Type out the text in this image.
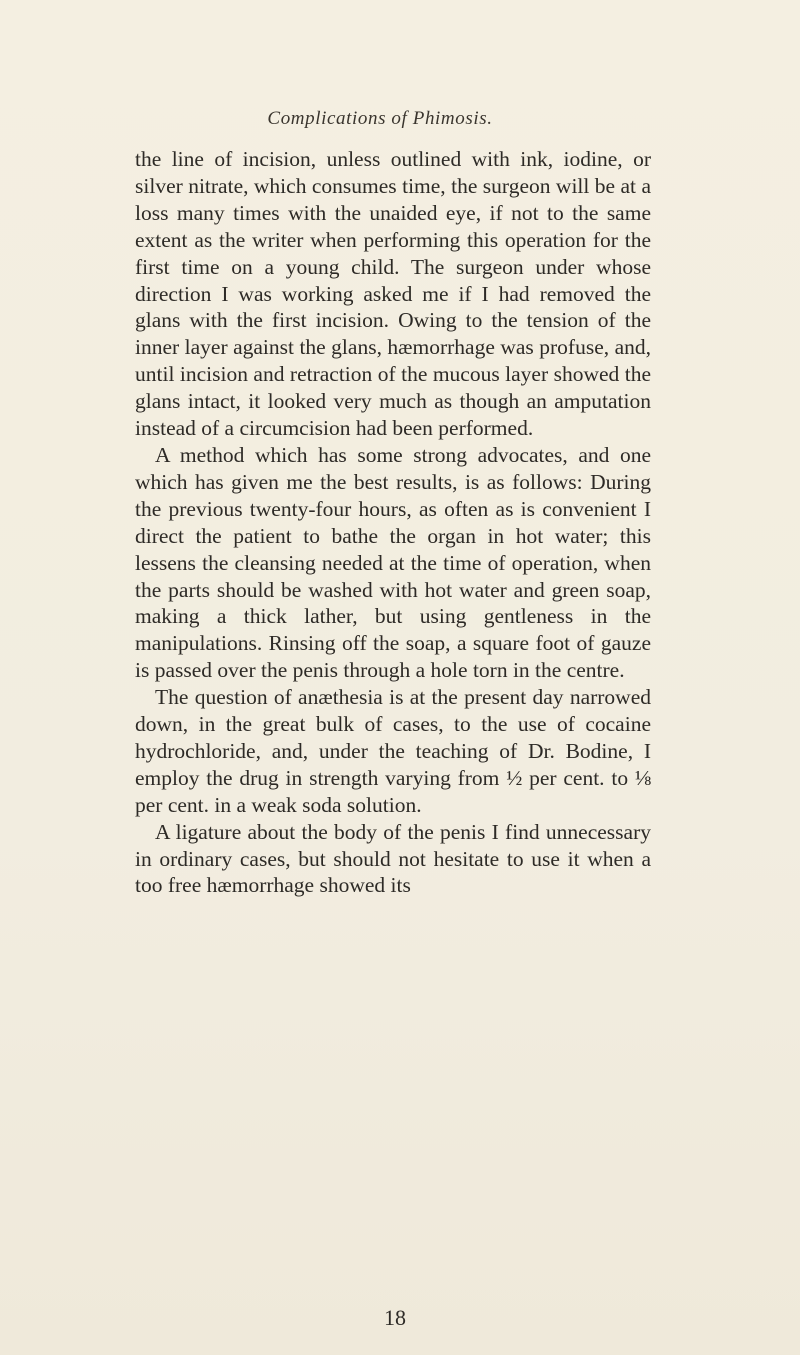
Complications of Phimosis.

the line of incision, unless outlined with ink, iodine, or silver nitrate, which consumes time, the surgeon will be at a loss many times with the unaided eye, if not to the same extent as the writer when performing this operation for the first time on a young child. The surgeon under whose direction I was working asked me if I had removed the glans with the first incision. Owing to the tension of the inner layer against the glans, hæmorrhage was profuse, and, until incision and retraction of the mucous layer showed the glans intact, it looked very much as though an amputation instead of a circumcision had been performed.

A method which has some strong advocates, and one which has given me the best results, is as follows: During the previous twenty-four hours, as often as is convenient I direct the patient to bathe the organ in hot water; this lessens the cleansing needed at the time of operation, when the parts should be washed with hot water and green soap, making a thick lather, but using gentleness in the manipulations. Rinsing off the soap, a square foot of gauze is passed over the penis through a hole torn in the centre.

The question of anæthesia is at the present day narrowed down, in the great bulk of cases, to the use of cocaine hydrochloride, and, under the teaching of Dr. Bodine, I employ the drug in strength varying from ½ per cent. to ⅛ per cent. in a weak soda solution.

A ligature about the body of the penis I find unnecessary in ordinary cases, but should not hesitate to use it when a too free hæmorrhage showed its

18
